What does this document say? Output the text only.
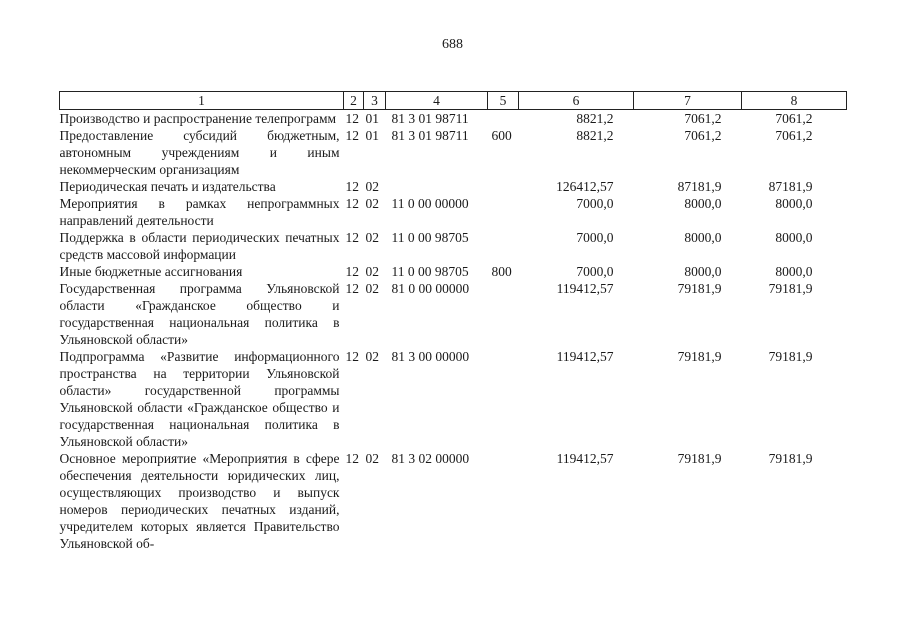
688
1	2	3	4	5	6	7	8
Производство и распространение телепрограмм	12	01	81 3 01 98711		8821,2	7061,2	7061,2
Предоставление субсидий бюджетным, автономным учреждениям и иным некоммерческим организациям	12	01	81 3 01 98711	600	8821,2	7061,2	7061,2
Периодическая печать и издательства	12	02			126412,57	87181,9	87181,9
Мероприятия в рамках непрограммных направлений деятельности	12	02	11 0 00 00000		7000,0	8000,0	8000,0
Поддержка в области периодических печатных средств массовой информации	12	02	11 0 00 98705		7000,0	8000,0	8000,0
Иные бюджетные ассигнования	12	02	11 0 00 98705	800	7000,0	8000,0	8000,0
Государственная программа Ульяновской области «Гражданское общество и государственная национальная политика в Ульяновской области»	12	02	81 0 00 00000		119412,57	79181,9	79181,9
Подпрограмма «Развитие информационного пространства на территории Ульяновской области» государственной программы Ульяновской области «Гражданское общество и государственная национальная политика в Ульяновской области»	12	02	81 3 00 00000		119412,57	79181,9	79181,9
Основное мероприятие «Мероприятия в сфере обеспечения деятельности юридических лиц, осуществляющих производство и выпуск номеров периодических печатных изданий, учредителем которых является Правительство Ульяновской об-	12	02	81 3 02 00000		119412,57	79181,9	79181,9
